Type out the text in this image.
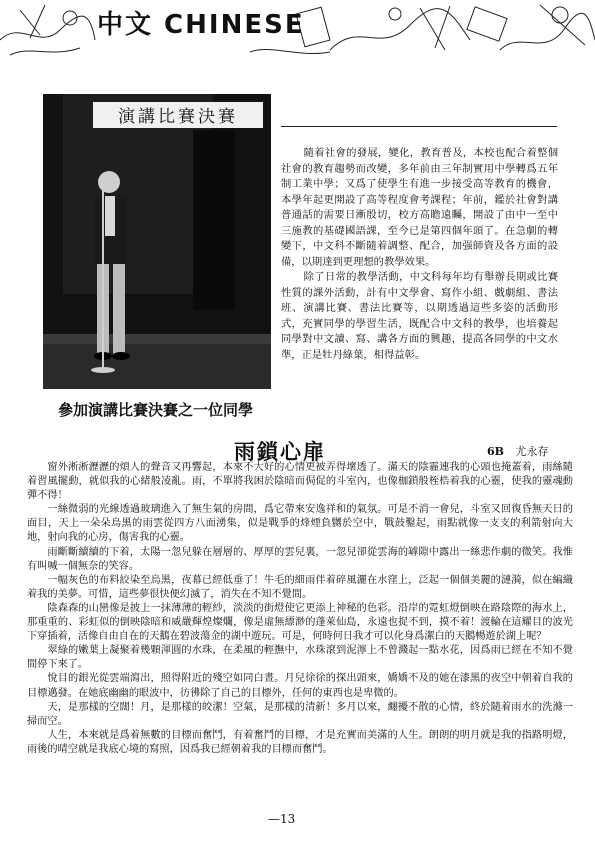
中文 CHINESE
演講比賽決賽
參加演講比賽決賽之一位同學

隨着社會的發展，變化，教育普及，本校也配合着整個社會的教育趨勢而改變，多年前由三年制實用中學轉爲五年制工業中學；又爲了使學生有進一步接受高等教育的機會，本學年起更開設了高等程度會考課程；年前，鑑於社會對講普通話的需要日漸殷切，校方高瞻遠矚，開設了由中一至中三施教的基礎國語課，至今已是第四個年頭了。在急劇的轉變下，中文科不斷隨着調整、配合，加强師資及各方面的設備，以期達到更理想的教學效果。

除了日常的教學活動，中文科每年均有舉辦長期或比賽性質的課外活動，計有中文學會、寫作小組、戲劇組、書法班、演講比賽、書法比賽等，以期透過這些多姿的活動形式，充實同學的學習生活，既配合中文科的教學，也培養起同學對中文讀、寫、講各方面的興趣，提高各同學的中文水準，正是牡丹綠葉，相得益彰。

雨鎖心扉	6B 尤永存

窗外淅淅瀝瀝的煩人的聲音又再響起，本來不大好的心情更被弄得壞透了。滿天的陰霾連我的心頭也掩蓋着，雨絲隨着習風擺動，就似我的心緒般凌亂。雨，不單將我困於陰暗而侷促的斗室內，也像枷鎖般桎梏着我的心靈，使我的靈魂動彈不得！

一絲微弱的光線透過玻璃進入了無生氣的房間，爲它帶來安逸祥和的氣氛。可是不消一會兒，斗室又回復昏無天日的面目，天上一朵朵烏黑的雨雲從四方八面湧集，似是戰爭的烽煙負嬲於空中，戰鼓鑿起，雨點就像一支支的利箭射向大地，射向我的心房，傷害我的心靈。

雨斷斷續續的下着，太陽一忽兒躲在層層的、厚厚的雲兒裏，一忽兒卻從雲海的罅隙中露出一絲悲作劇的微笑。我惟有叫喊一個無奈的笑容。

一幅灰色的布料絞染至烏黑，夜幕已經低垂了！牛毛的細雨伴着碎風灑在水窪上，泛起一個個美麗的漣漪，似在編織着我的美夢。可惜，這些夢很快便幻滅了，消失在不知不覺間。

陰森森的山巒像是披上一抹薄薄的輕紗，淡淡的街燈使它更添上神秘的色彩。沿岸的霓虹燈倒映在路陰際的海水上，那重重的、彩虹似的倒映陰暗和威嚴輝煌燦爛，像是虛無縹渺的蓬萊仙島，永遠也捉不到，摸不着！渡輪在這耀目的波光下穿插着，活像自由自在的天鵝在碧波蕩金的湖中遊玩。可是，何時何日我才可以化身爲潔白的天鵝暢遊於湖上呢？

翠綠的嫩葉上凝聚着幾顆渾圓的水珠，在柔風的輕撫中，水珠滾到泥濘上不曾濺起一點水花，因爲雨已經在不知不覺間停下來了。

悅目的銀光從雲端瀉出，照得附近的殘空如同白晝。月兒徐徐的探出頭來，嬌嬌不及的她在漆黑的夜空中朝着自我的目標邁發。在她底幽幽的眼波中，彷彿除了自己的目標外，任何的東西也是卑微的。

天，是那樣的空闊！月，是那樣的皎潔！空氣，是那樣的清新！多月以來，纏擾不散的心情，終於隨着雨水的洗滌一掃而空。

人生，本來就是爲着無數的目標而奮鬥，有着奮鬥的目標，才是充實而美滿的人生。朗朗的明月就是我的指路明燈，雨後的晴空就是我底心境的寫照，因爲我已經朝着我的目標而奮鬥。

—13
